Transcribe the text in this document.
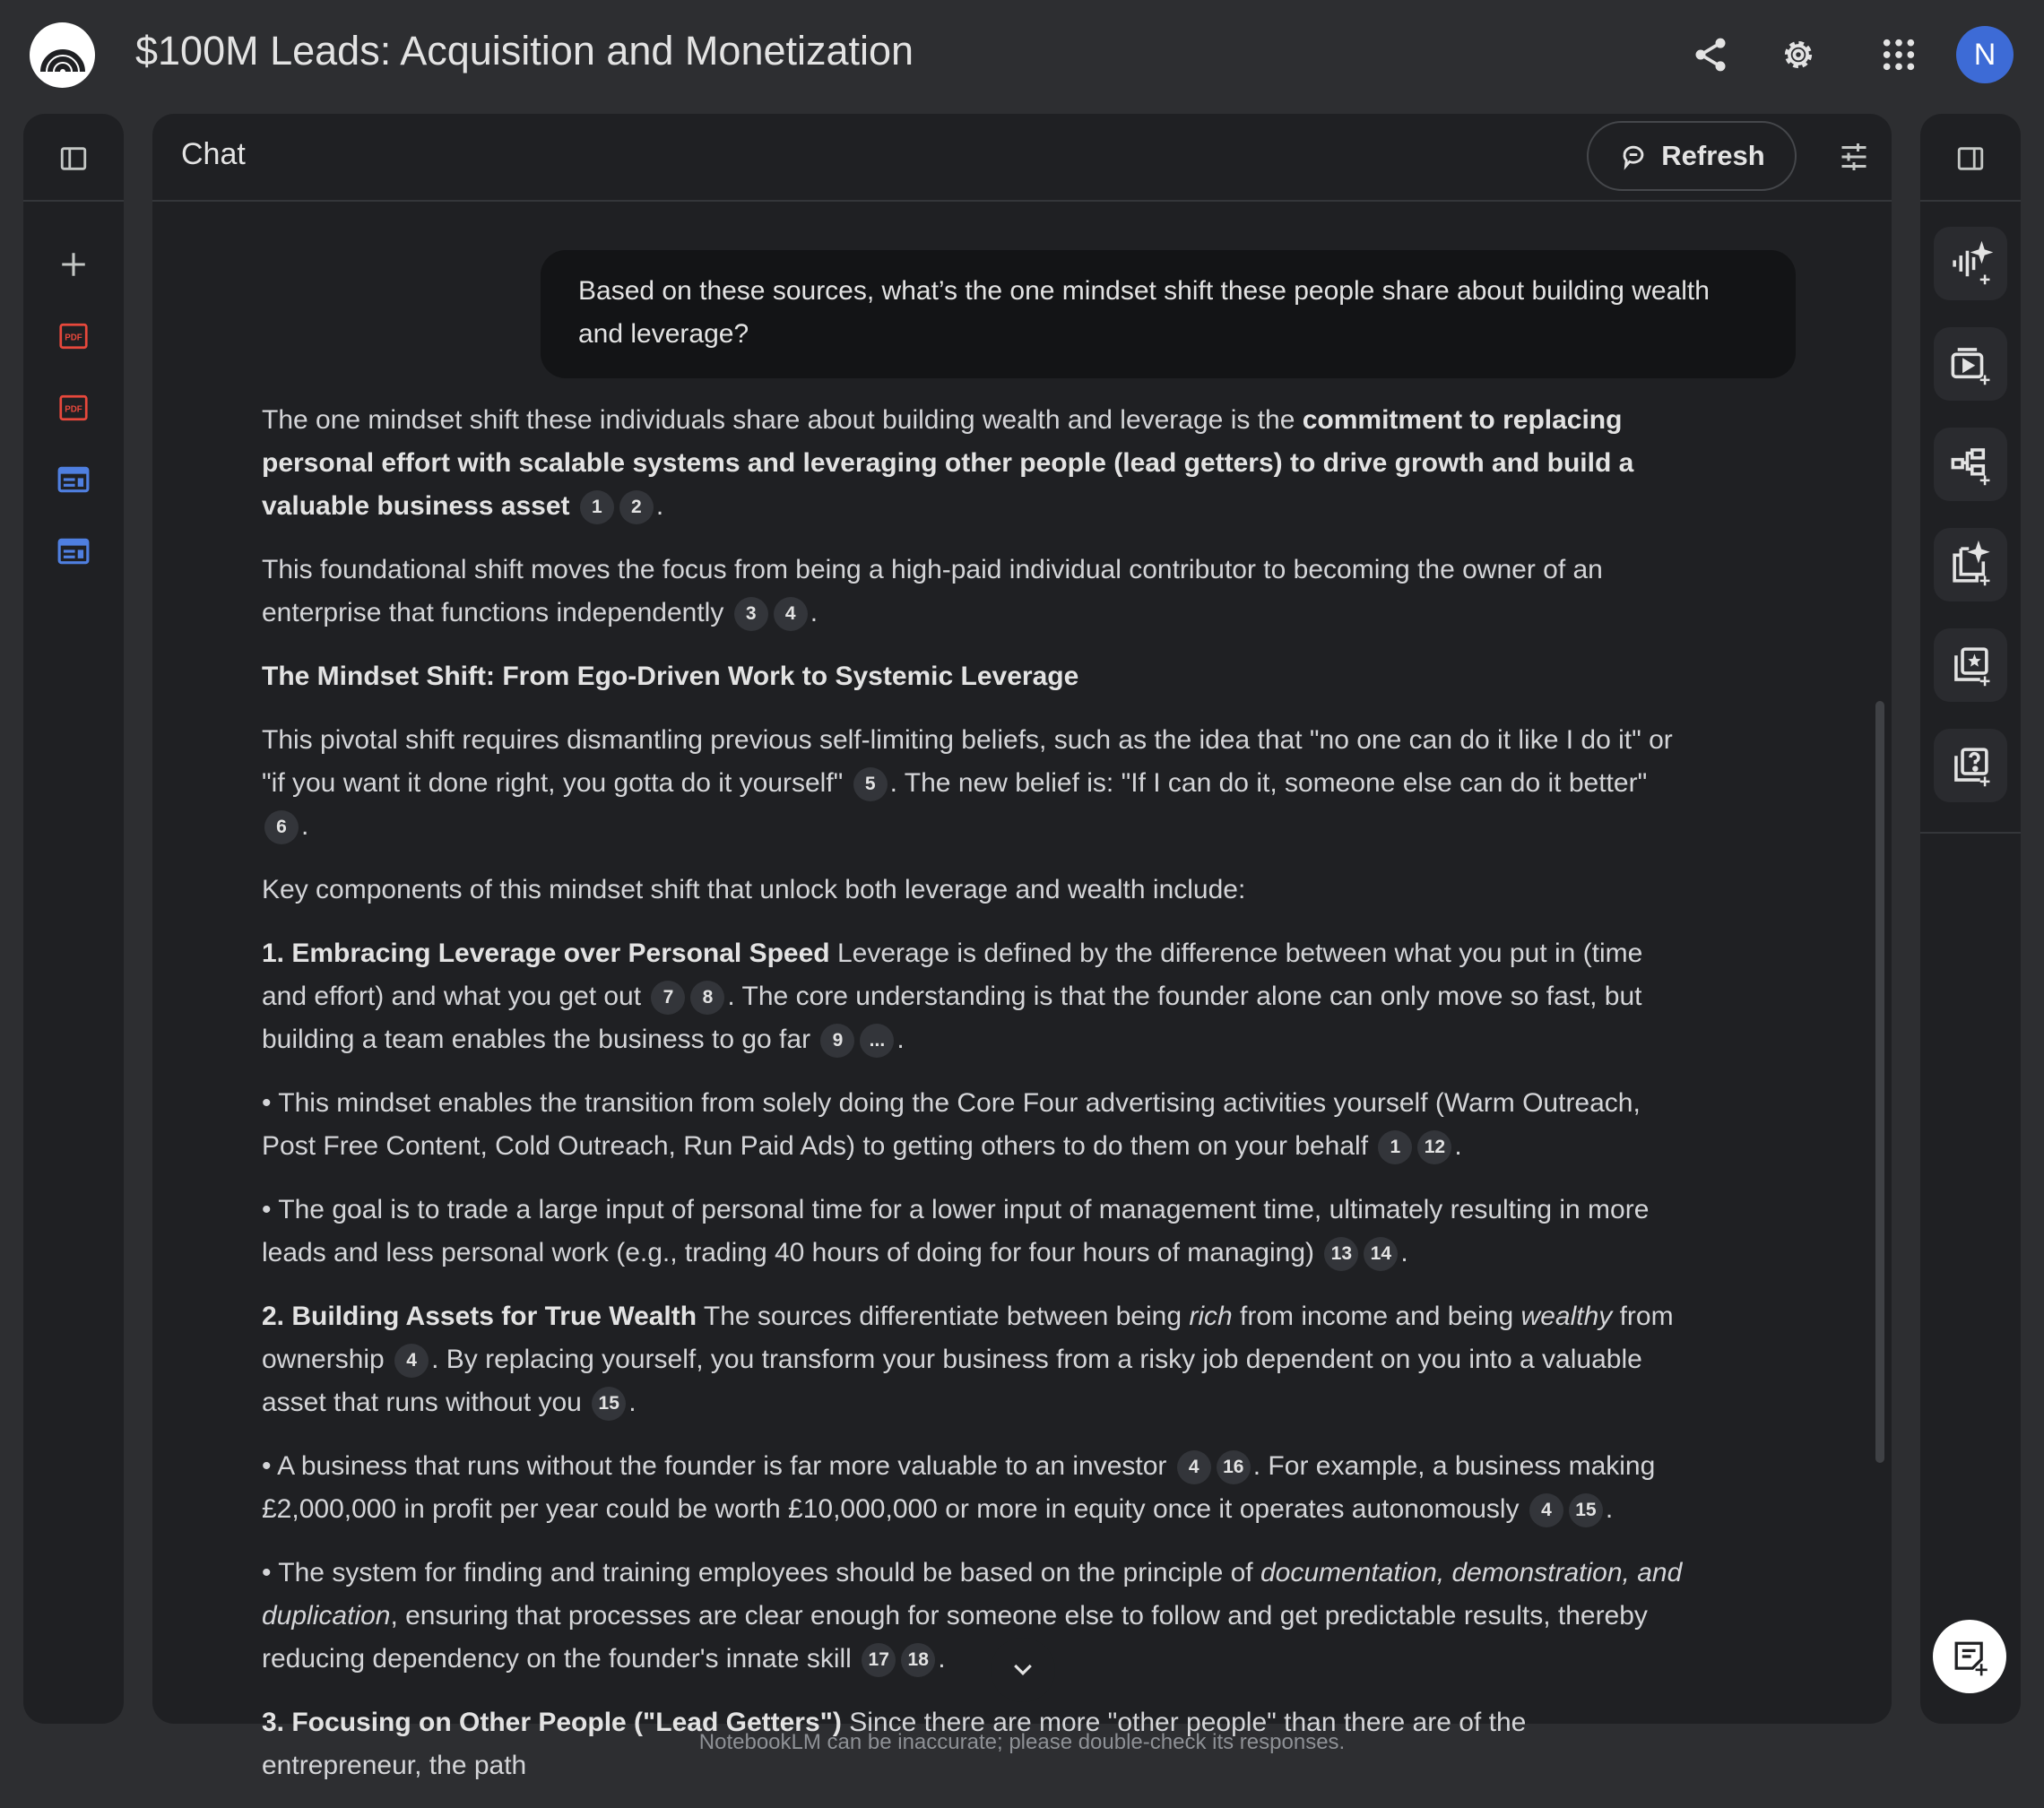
$100M Leads: Acquisition and Monetization	N
PDF
PDF
Chat	Refresh
Based on these sources, what’s the one mindset shift these people share about building wealth and leverage?

The one mindset shift these individuals share about building wealth and leverage is the commitment to replacing personal effort with scalable systems and leveraging other people (lead getters) to drive growth and build a valuable business asset 1 2 .

This foundational shift moves the focus from being a high-paid individual contributor to becoming the owner of an enterprise that functions independently 3 4 .

The Mindset Shift: From Ego-Driven Work to Systemic Leverage

This pivotal shift requires dismantling previous self-limiting beliefs, such as the idea that "no one can do it like I do it" or "if you want it done right, you gotta do it yourself" 5 . The new belief is: "If I can do it, someone else can do it better" 6 .

Key components of this mindset shift that unlock both leverage and wealth include:

1. Embracing Leverage over Personal Speed Leverage is defined by the difference between what you put in (time and effort) and what you get out 7 8 . The core understanding is that the founder alone can only move so fast, but building a team enables the business to go far 9 ... .

• This mindset enables the transition from solely doing the Core Four advertising activities yourself (Warm Outreach, Post Free Content, Cold Outreach, Run Paid Ads) to getting others to do them on your behalf 1 12 .

• The goal is to trade a large input of personal time for a lower input of management time, ultimately resulting in more leads and less personal work (e.g., trading 40 hours of doing for four hours of managing) 13 14 .

2. Building Assets for True Wealth The sources differentiate between being rich from income and being wealthy from ownership 4 . By replacing yourself, you transform your business from a risky job dependent on you into a valuable asset that runs without you 15 .

• A business that runs without the founder is far more valuable to an investor 4 16 . For example, a business making £2,000,000 in profit per year could be worth £10,000,000 or more in equity once it operates autonomously 4 15 .

• The system for finding and training employees should be based on the principle of documentation, demonstration, and duplication, ensuring that processes are clear enough for someone else to follow and get predictable results, thereby reducing dependency on the founder's innate skill 17 18 .

3. Focusing on Other People ("Lead Getters") Since there are more "other people" than there are of the entrepreneur, the path

NotebookLM can be inaccurate; please double-check its responses.
